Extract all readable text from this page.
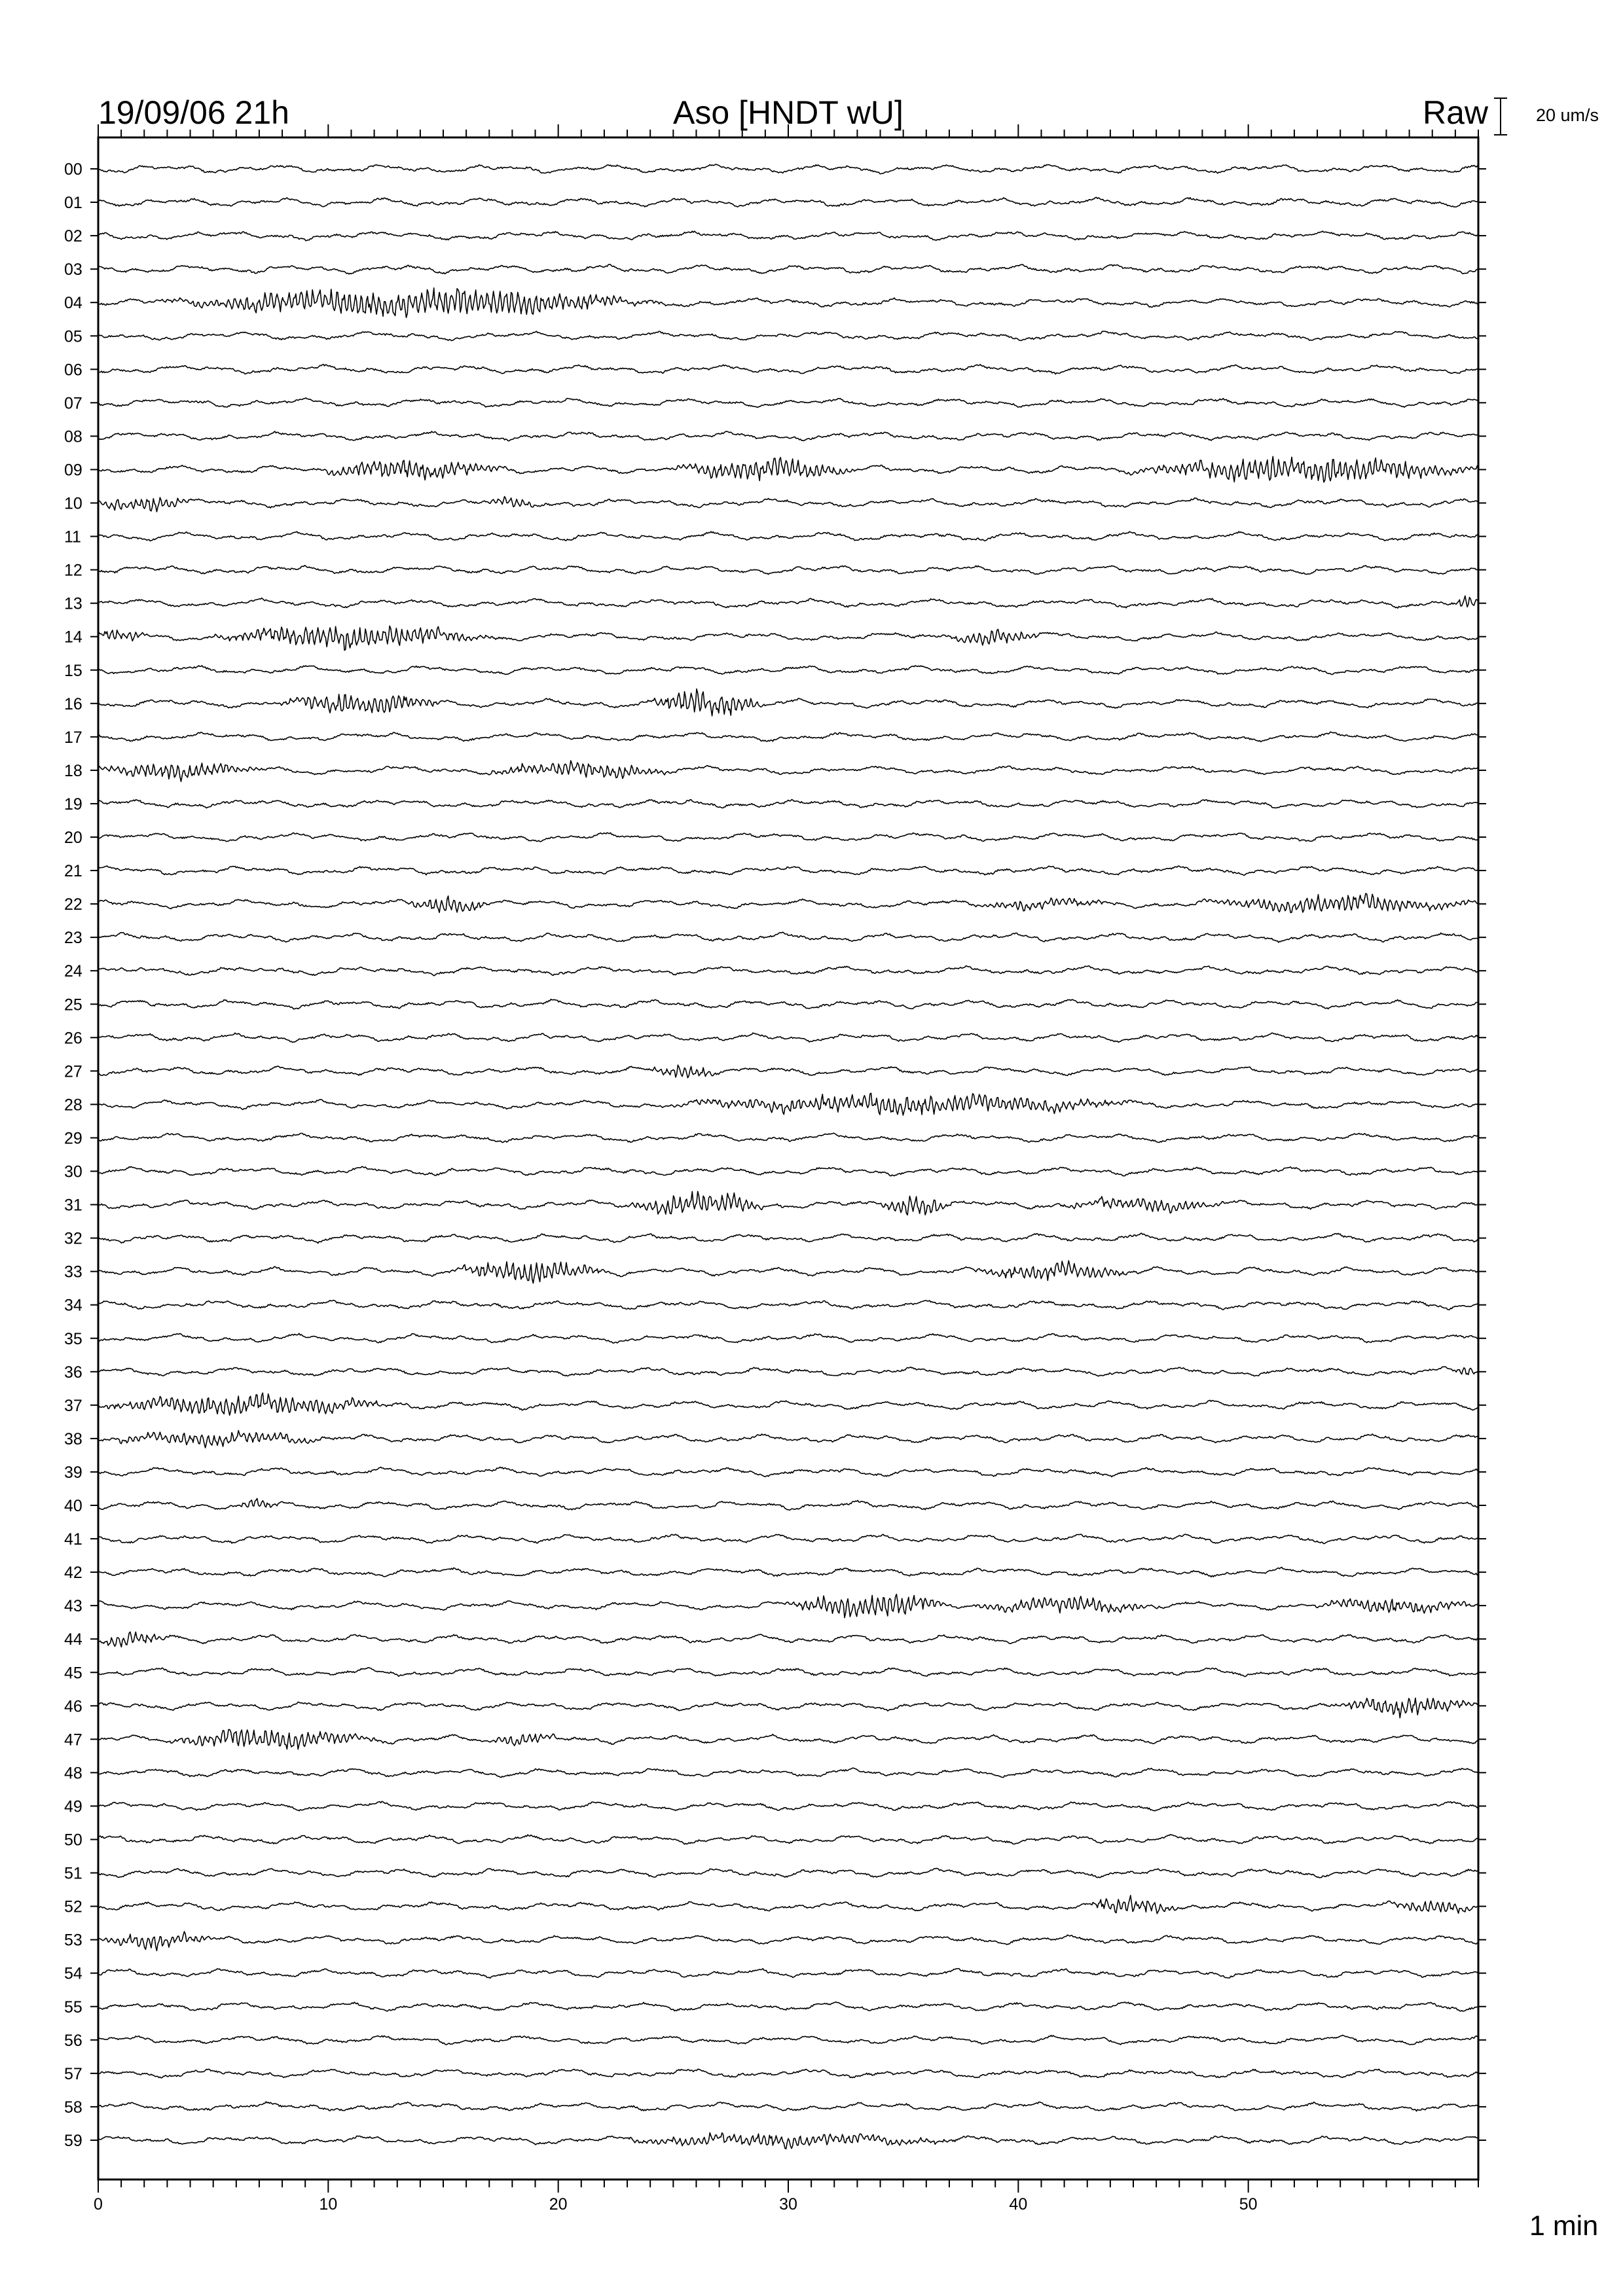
19/09/06 21h	Aso [HNDT wU]	Raw	20 um/s
1 min
00
01
02
03
04
05
06
07
08
09
10
11
12
13
14
15
16
17
18
19
20
21
22
23
24
25
26
27
28
29
30
31
32
33
34
35
36
37
38
39
40
41
42
43
44
45
46
47
48
49
50
51
52
53
54
55
56
57
58
59
0	10	20	30	40	50
